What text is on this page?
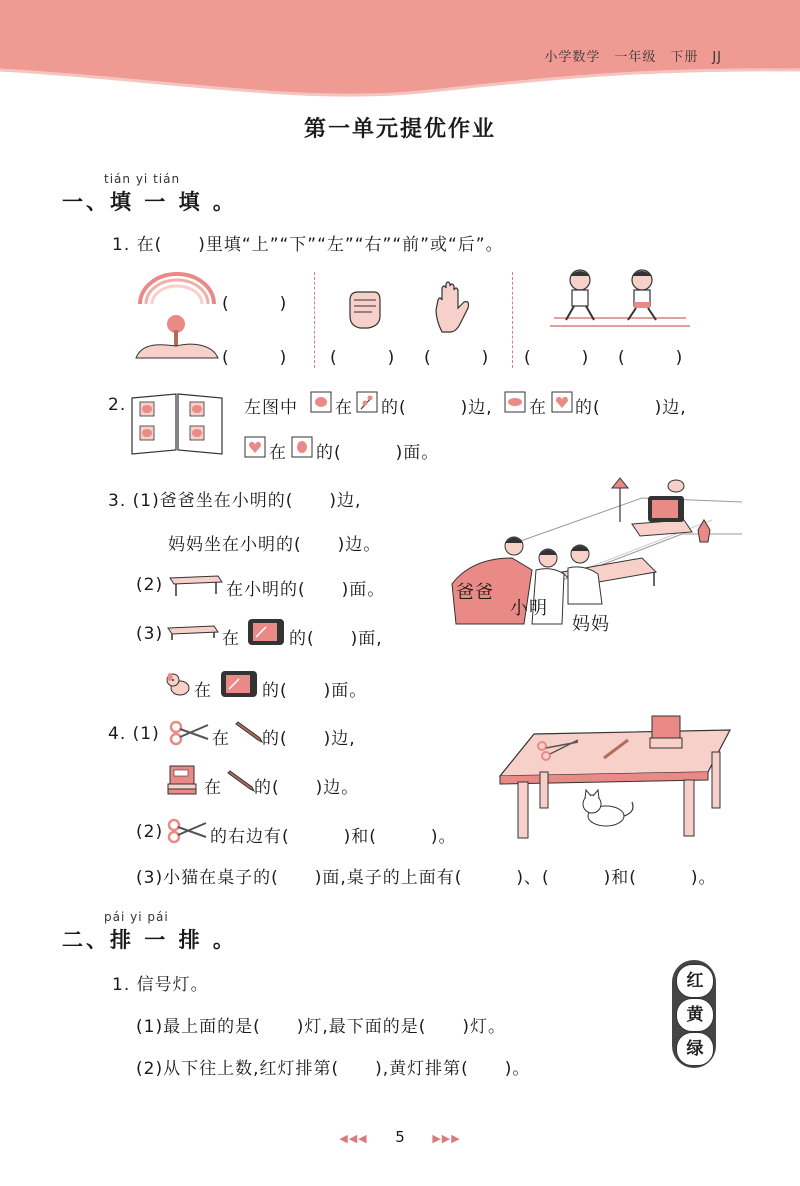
小学数学　一年级　下册　JJ
第一单元提优作业
tián yi tián
一、填 一 填 。
1. 在(　　)里填“上”“下”“左”“右”“前”或“后”。
(　　　)
(　　　)	(　　　) (　　　) (　　　) (　　　)
2.	左图中 在 的(　　　)边, 在 的(　　　)边,
在 的(　　　)面。
3. (1)爸爸坐在小明的(　　)边,
妈妈坐在小明的(　　)边。
(2)	在小明的(　　)面。
(3)	在	的(　　)面,
在	的(　　)面。
爸爸
小明
妈妈
4. (1)	在 的(　　)边,
在 的(　　)边。
(2)	的右边有(　　　)和(　　　)。
(3)小猫在桌子的(　　)面,桌子的上面有(　　　)、(　　　)和(　　　)。
pái yi pái
二、排 一 排 。
1. 信号灯。
(1)最上面的是(　　)灯,最下面的是(　　)灯。
(2)从下往上数,红灯排第(　　),黄灯排第(　　)。
红
黄
绿
◀◀◀ 5	▶▶▶
